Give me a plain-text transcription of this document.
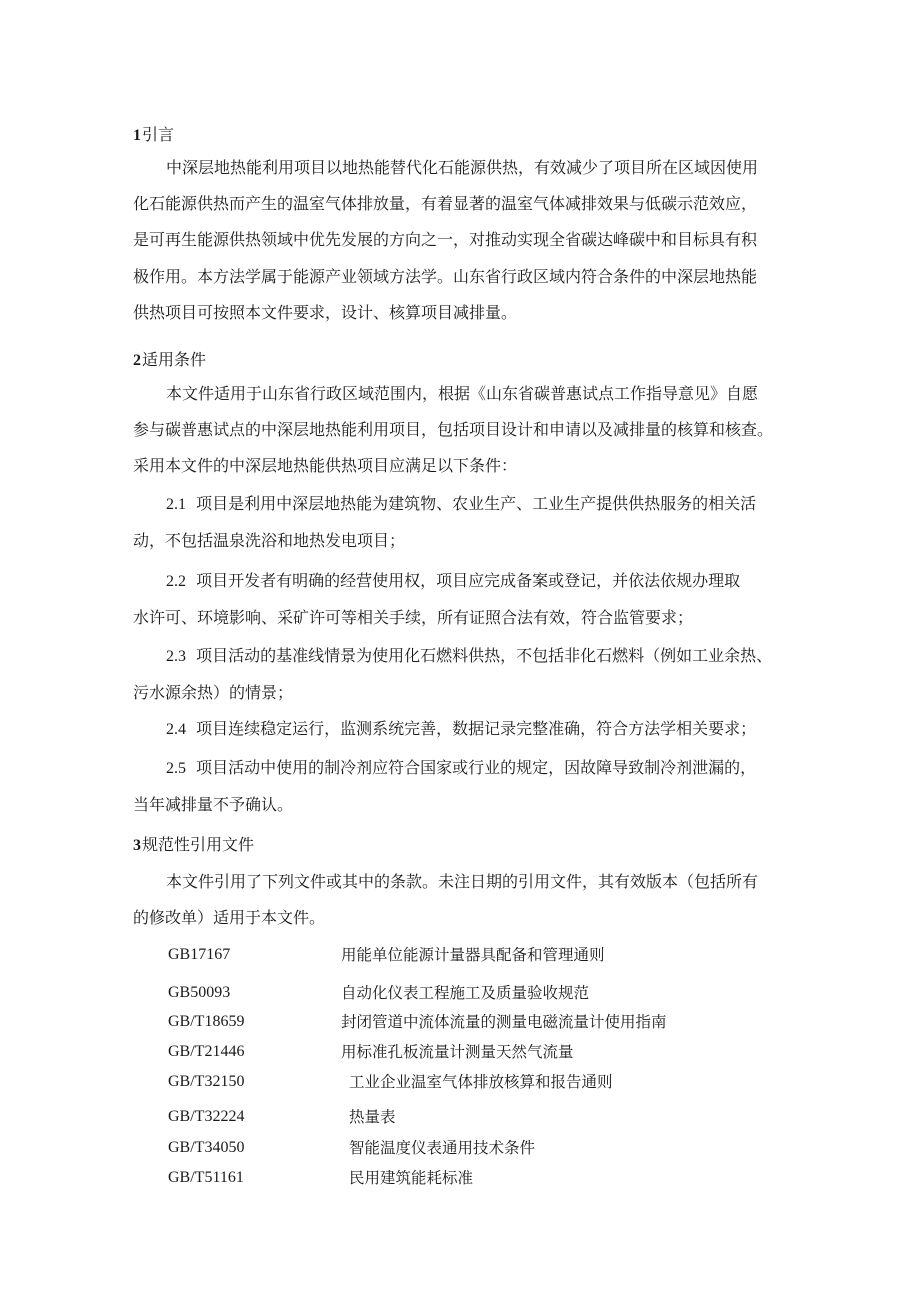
1引言
中深层地热能利用项目以地热能替代化石能源供热，有效减少了项目所在区域因使用
化石能源供热而产生的温室气体排放量，有着显著的温室气体减排效果与低碳示范效应，
是可再生能源供热领域中优先发展的方向之一，对推动实现全省碳达峰碳中和目标具有积
极作用。本方法学属于能源产业领域方法学。山东省行政区域内符合条件的中深层地热能
供热项目可按照本文件要求，设计、核算项目减排量。
2适用条件
本文件适用于山东省行政区域范围内，根据《山东省碳普惠试点工作指导意见》自愿
参与碳普惠试点的中深层地热能利用项目，包括项目设计和申请以及减排量的核算和核查。
采用本文件的中深层地热能供热项目应满足以下条件：
2.1 项目是利用中深层地热能为建筑物、农业生产、工业生产提供供热服务的相关活
动，不包括温泉洗浴和地热发电项目；
2.2 项目开发者有明确的经营使用权，项目应完成备案或登记，并依法依规办理取
水许可、环境影响、采矿许可等相关手续，所有证照合法有效，符合监管要求；
2.3 项目活动的基准线情景为使用化石燃料供热，不包括非化石燃料（例如工业余热、
污水源余热）的情景；
2.4 项目连续稳定运行，监测系统完善，数据记录完整准确，符合方法学相关要求；
2.5 项目活动中使用的制冷剂应符合国家或行业的规定，因故障导致制冷剂泄漏的，
当年减排量不予确认。
3规范性引用文件
本文件引用了下列文件或其中的条款。未注日期的引用文件，其有效版本（包括所有
的修改单）适用于本文件。
GB17167	用能单位能源计量器具配备和管理通则
GB50093	自动化仪表工程施工及质量验收规范
GB/T18659	封闭管道中流体流量的测量电磁流量计使用指南
GB/T21446	用标准孔板流量计测量天然气流量
GB/T32150	工业企业温室气体排放核算和报告通则
GB/T32224	热量表
GB/T34050	智能温度仪表通用技术条件
GB/T51161	民用建筑能耗标准
